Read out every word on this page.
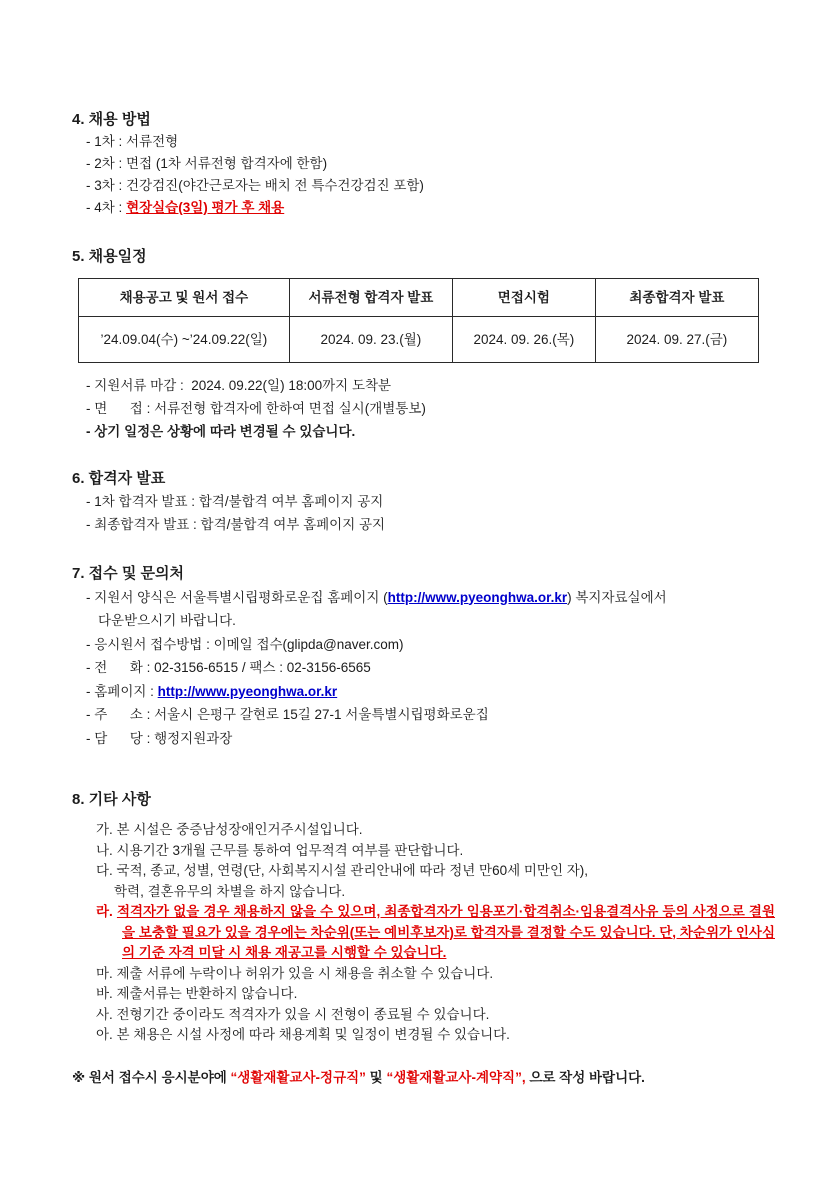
4. 채용 방법
- 1차 : 서류전형
- 2차 : 면접 (1차 서류전형 합격자에 한함)
- 3차 : 건강검진(야간근로자는 배치 전 특수건강검진 포함)
- 4차 : 현장실습(3일) 평가 후 채용
5. 채용일정
채용공고 및 원서 접수	서류전형 합격자 발표	면접시험	최종합격자 발표
’24.09.04(수) ~’24.09.22(일)	2024. 09. 23.(월)	2024. 09. 26.(목)	2024. 09. 27.(금)
- 지원서류 마감 :  2024. 09.22(일) 18:00까지 도착분
- 면      접 : 서류전형 합격자에 한하여 면접 실시(개별통보)
- 상기 일정은 상황에 따라 변경될 수 있습니다.
6. 합격자 발표
- 1차 합격자 발표 : 합격/불합격 여부 홈페이지 공지
- 최종합격자 발표 : 합격/불합격 여부 홈페이지 공지
7. 접수 및 문의처
- 지원서 양식은 서울특별시립평화로운집 홈페이지 (http://www.pyeonghwa.or.kr) 복지자료실에서
다운받으시기 바랍니다.
- 응시원서 접수방법 : 이메일 접수(glipda@naver.com)
- 전      화 : 02-3156-6515 / 팩스 : 02-3156-6565
- 홈페이지 : http://www.pyeonghwa.or.kr
- 주      소 : 서울시 은평구 갈현로 15길 27-1 서울특별시립평화로운집
- 담      당 : 행정지원과장
8. 기타 사항
가. 본 시설은 중증남성장애인거주시설입니다.
나. 시용기간 3개월 근무를 통하여 업무적격 여부를 판단합니다.
다. 국적, 종교, 성별, 연령(단, 사회복지시설 관리안내에 따라 정년 만60세 미만인 자),
학력, 결혼유무의 차별을 하지 않습니다.
라. 적격자가 없을 경우 채용하지 않을 수 있으며, 최종합격자가 임용포기·합격취소·임용결격사유 등의 사정으로 결원을 보충할 필요가 있을 경우에는 차순위(또는 예비후보자)로 합격자를 결정할 수도 있습니다. 단, 차순위가 인사심의 기준 자격 미달 시 채용 재공고를 시행할 수 있습니다.
마. 제출 서류에 누락이나 허위가 있을 시 채용을 취소할 수 있습니다.
바. 제출서류는 반환하지 않습니다.
사. 전형기간 중이라도 적격자가 있을 시 전형이 종료될 수 있습니다.
아. 본 채용은 시설 사정에 따라 채용계획 및 일정이 변경될 수 있습니다.
※ 원서 접수시 응시분야에 “생활재활교사-정규직” 및 “생활재활교사-계약직”, 으로 작성 바랍니다.
